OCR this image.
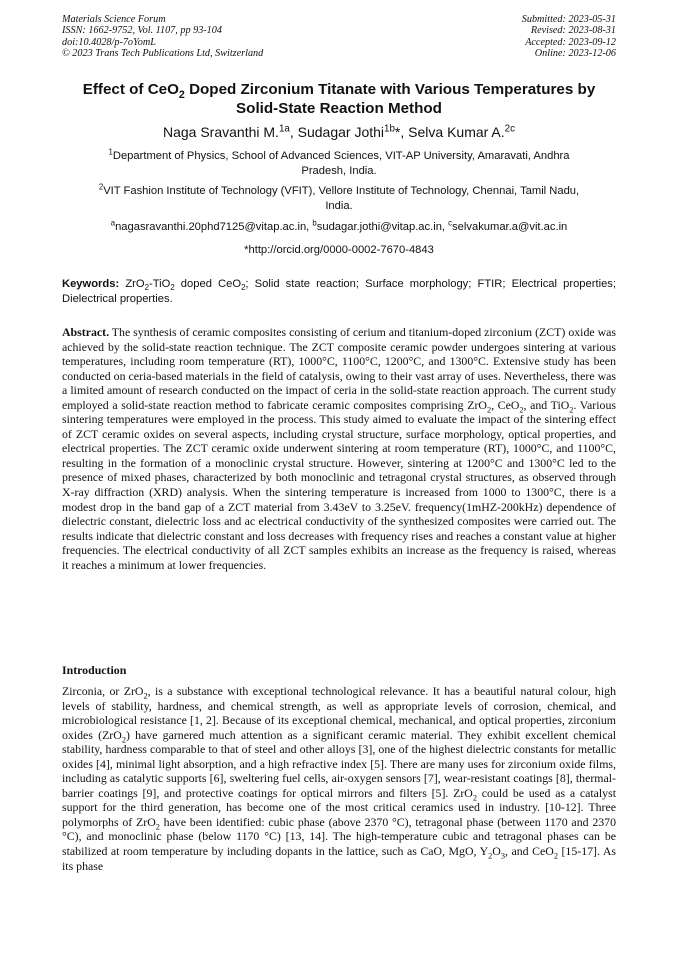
Materials Science Forum
ISSN: 1662-9752, Vol. 1107, pp 93-104
doi:10.4028/p-7oYomL
© 2023 Trans Tech Publications Ltd, Switzerland
Submitted: 2023-05-31
Revised: 2023-08-31
Accepted: 2023-09-12
Online: 2023-12-06
Effect of CeO$_2$ Doped Zirconium Titanate with Various Temperatures by
Solid-State Reaction Method
Naga Sravanthi M.$^{1a}$, Sudagar Jothi$^{1b}$*, Selva Kumar A.$^{2c}$
$^1$Department of Physics, School of Advanced Sciences, VIT-AP University, Amaravati, Andhra
Pradesh, India.
$^2$VIT Fashion Institute of Technology (VFIT), Vellore Institute of Technology, Chennai, Tamil Nadu,
India.
$^a$nagasravanthi.20phd7125@vitap.ac.in, $^b$sudagar.jothi@vitap.ac.in, $^c$selvakumar.a@vit.ac.in
*http://orcid.org/0000-0002-7670-4843
Keywords: ZrO$_2$-TiO$_2$ doped CeO$_2$; Solid state reaction; Surface morphology; FTIR; Electrical properties; Dielectrical properties.
Abstract. The synthesis of ceramic composites consisting of cerium and titanium-doped zirconium (ZCT) oxide was achieved by the solid-state reaction technique. The ZCT composite ceramic powder undergoes sintering at various temperatures, including room temperature (RT), 1000°C, 1100°C, 1200°C, and 1300°C. Extensive study has been conducted on ceria-based materials in the field of catalysis, owing to their vast array of uses. Nevertheless, there was a limited amount of research conducted on the impact of ceria in the solid-state reaction approach. The current study employed a solid-state reaction method to fabricate ceramic composites comprising ZrO$_2$, CeO$_2$, and TiO$_2$. Various sintering temperatures were employed in the process. This study aimed to evaluate the impact of the sintering effect of ZCT ceramic oxides on several aspects, including crystal structure, surface morphology, optical properties, and electrical properties. The ZCT ceramic oxide underwent sintering at room temperature (RT), 1000°C, and 1100°C, resulting in the formation of a monoclinic crystal structure. However, sintering at 1200°C and 1300°C led to the presence of mixed phases, characterized by both monoclinic and tetragonal crystal structures, as observed through X-ray diffraction (XRD) analysis. When the sintering temperature is increased from 1000 to 1300°C, there is a modest drop in the band gap of a ZCT material from 3.43eV to 3.25eV. frequency(1mHZ-200kHz) dependence of dielectric constant, dielectric loss and ac electrical conductivity of the synthesized composites were carried out. The results indicate that dielectric constant and loss decreases with frequency rises and reaches a constant value at higher frequencies. The electrical conductivity of all ZCT samples exhibits an increase as the frequency is raised, whereas it reaches a minimum at lower frequencies.
Introduction
Zirconia, or ZrO$_2$, is a substance with exceptional technological relevance. It has a beautiful natural colour, high levels of stability, hardness, and chemical strength, as well as appropriate levels of corrosion, chemical, and microbiological resistance [1, 2]. Because of its exceptional chemical, mechanical, and optical properties, zirconium oxides (ZrO$_2$) have garnered much attention as a significant ceramic material. They exhibit excellent chemical stability, hardness comparable to that of steel and other alloys [3], one of the highest dielectric constants for metallic oxides [4], minimal light absorption, and a high refractive index [5]. There are many uses for zirconium oxide films, including as catalytic supports [6], sweltering fuel cells, air-oxygen sensors [7], wear-resistant coatings [8], thermal-barrier coatings [9], and protective coatings for optical mirrors and filters [5]. ZrO$_2$ could be used as a catalyst support for the third generation, has become one of the most critical ceramics used in industry. [10-12]. Three polymorphs of ZrO$_2$ have been identified: cubic phase (above 2370 °C), tetragonal phase (between 1170 and 2370 °C), and monoclinic phase (below 1170 °C) [13, 14]. The high-temperature cubic and tetragonal phases can be stabilized at room temperature by including dopants in the lattice, such as CaO, MgO, $Y_2O_3$, and CeO$_2$ [15-17]. As its phase
